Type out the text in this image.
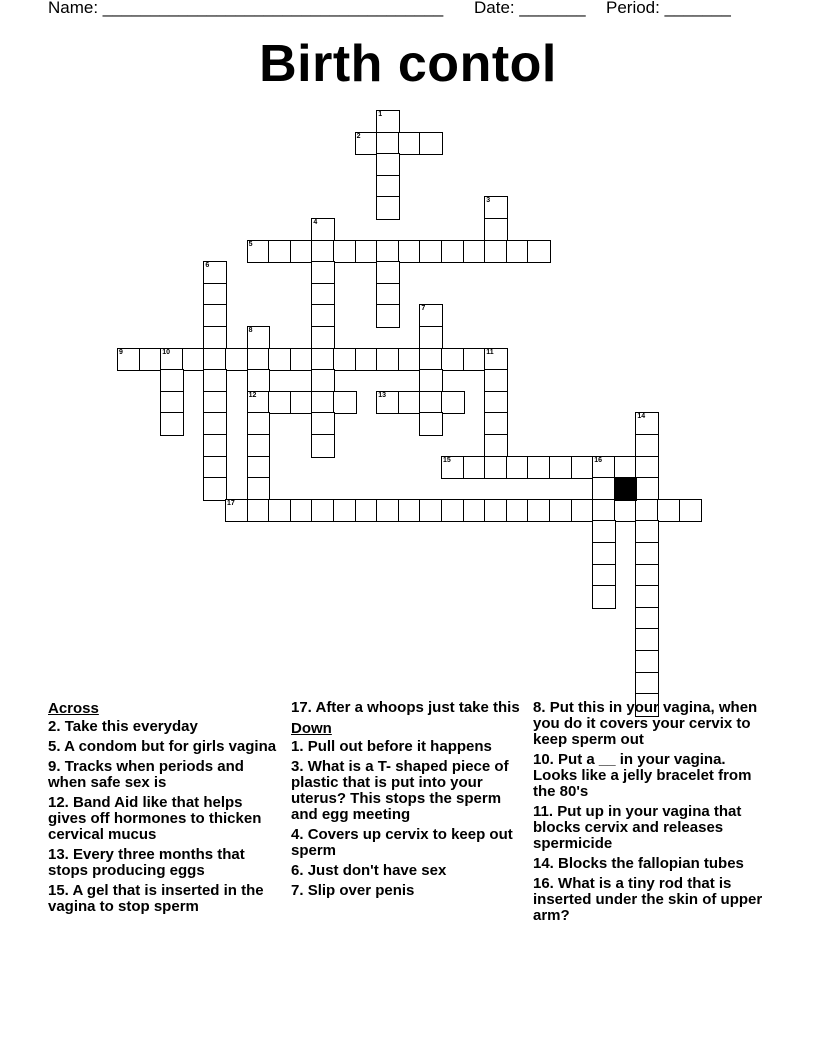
Name: ____________________________________ Date: _______ Period: _______
Birth contol
1
2
3
4
5
6
7
8
9	10	11
12	13
14
15	16
17
Across
2. Take this everyday
5. A condom but for girls vagina
9. Tracks when periods and when safe sex is
12. Band Aid like that helps gives off hormones to thicken cervical mucus
13. Every three months that stops producing eggs
15. A gel that is inserted in the vagina to stop sperm
17. After a whoops just take this
Down
1. Pull out before it happens
3. What is a T- shaped piece of plastic that is put into your uterus? This stops the sperm and egg meeting
4. Covers up cervix to keep out sperm
6. Just don't have sex
7. Slip over penis
8. Put this in your vagina, when you do it covers your cervix to keep sperm out
10. Put a __ in your vagina. Looks like a jelly bracelet from the 80's
11. Put up in your vagina that blocks cervix and releases spermicide
14. Blocks the fallopian tubes
16. What is a tiny rod that is inserted under the skin of upper arm?
